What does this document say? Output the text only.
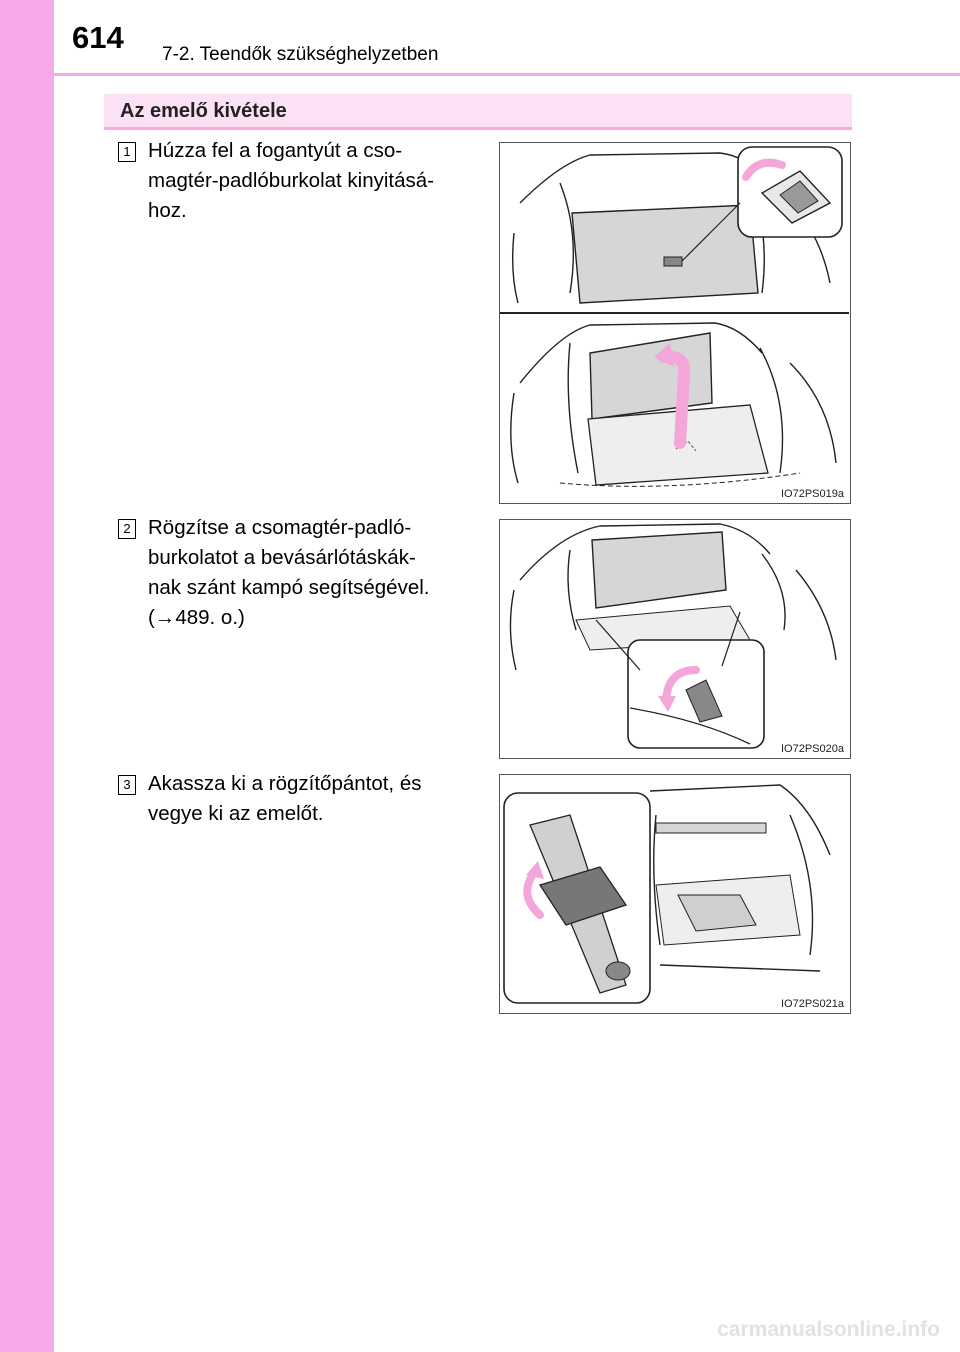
614 7-2. Teendők szükséghelyzetben
Az emelő kivétele
1 Húzza fel a fogantyút a cso-
magtér-padlóburkolat kinyitásá-
hoz.
IO72PS019a
2 Rögzítse a csomagtér-padló-
burkolatot a bevásárlótáskák-
nak szánt kampó segítségével.
(→489. o.)
IO72PS020a
3 Akassza ki a rögzítőpántot, és
vegye ki az emelőt.
IO72PS021a
carmanualsonline.info
